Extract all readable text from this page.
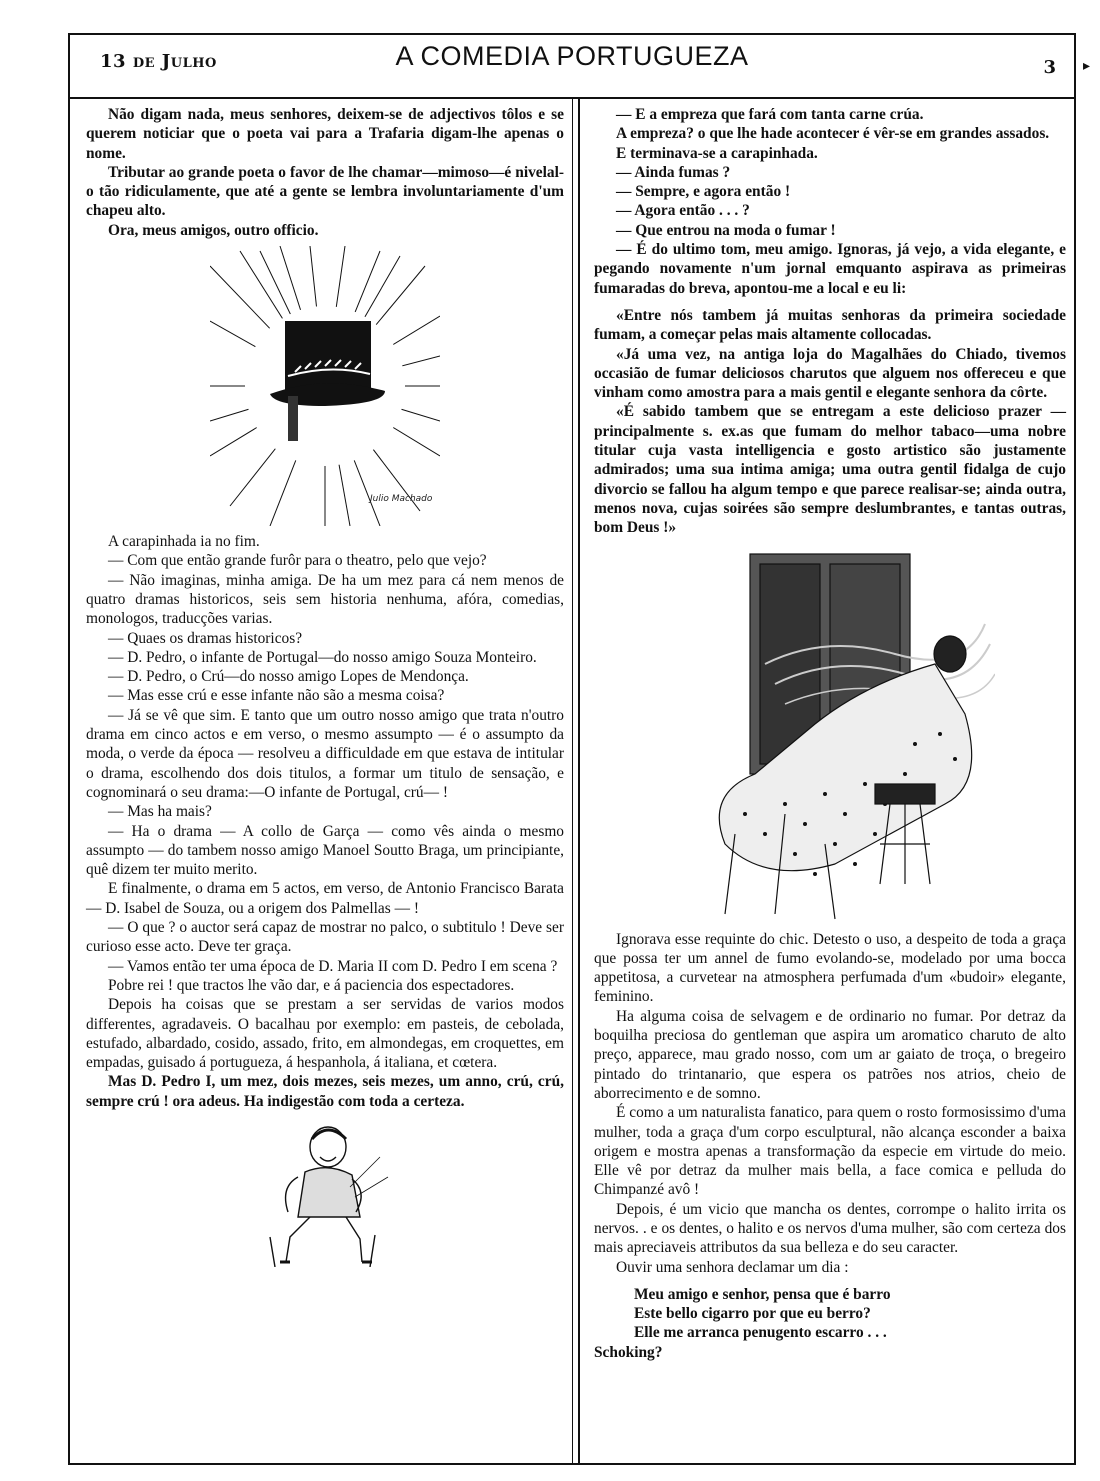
13 de Julho	A COMEDIA PORTUGUEZA	3

Não digam nada, meus senhores, deixem-se de adjectivos tôlos e se querem noticiar que o poeta vai para a Trafaria digam-lhe apenas o nome.

Tributar ao grande poeta o favor de lhe chamar—mimoso—é nivelal-o tão ridiculamente, que até a gente se lembra involuntariamente d'um chapeu alto.

Ora, meus amigos, outro officio.

Julio Machado

A carapinhada ia no fim.

— Com que então grande furôr para o theatro, pelo que vejo?

— Não imaginas, minha amiga. De ha um mez para cá nem menos de quatro dramas historicos, seis sem historia nenhuma, afóra, comedias, monologos, traducções varias.

— Quaes os dramas historicos?

— D. Pedro, o infante de Portugal—do nosso amigo Souza Monteiro.

— D. Pedro, o Crú—do nosso amigo Lopes de Mendonça.

— Mas esse crú e esse infante não são a mesma coisa?

— Já se vê que sim. E tanto que um outro nosso amigo que trata n'outro drama em cinco actos e em verso, o mesmo assumpto — é o assumpto da moda, o verde da época — resolveu a difficuldade em que estava de intitular o drama, escolhendo dos dois titulos, a formar um titulo de sensação, e cognominará o seu drama:—O infante de Portugal, crú— !

— Mas ha mais?

— Ha o drama — A collo de Garça — como vês ainda o mesmo assumpto — do tambem nosso amigo Manoel Soutto Braga, um principiante, quê dizem ter muito merito.

E finalmente, o drama em 5 actos, em verso, de Antonio Francisco Barata — D. Isabel de Souza, ou a origem dos Palmellas — !

— O que ? o auctor será capaz de mostrar no palco, o subtitulo ! Deve ser curioso esse acto. Deve ter graça.

— Vamos então ter uma época de D. Maria II com D. Pedro I em scena ?

Pobre rei ! que tractos lhe vão dar, e á paciencia dos espectadores.

Depois ha coisas que se prestam a ser servidas de varios modos differentes, agradaveis. O bacalhau por exemplo: em pasteis, de cebolada, estufado, albardado, cosido, assado, frito, em almondegas, em croquettes, em empadas, guisado á portugueza, á hespanhola, á italiana, et cœtera.

Mas D. Pedro I, um mez, dois mezes, seis mezes, um anno, crú, crú, sempre crú ! ora adeus. Ha indigestão com toda a certeza.

— E a empreza que fará com tanta carne crúa.

A empreza? o que lhe hade acontecer é vêr-se em grandes assados.

E terminava-se a carapinhada.

— Ainda fumas ?

— Sempre, e agora então !

— Agora então . . . ?

— Que entrou na moda o fumar !

— É do ultimo tom, meu amigo. Ignoras, já vejo, a vida elegante, e pegando novamente n'um jornal emquanto aspirava as primeiras fumaradas do breva, apontou-me a local e eu li:

«Entre nós tambem já muitas senhoras da primeira sociedade fumam, a começar pelas mais altamente collocadas.

«Já uma vez, na antiga loja do Magalhães do Chiado, tivemos occasião de fumar deliciosos charutos que alguem nos offereceu e que vinham como amostra para a mais gentil e elegante senhora da côrte.

«É sabido tambem que se entregam a este delicioso prazer — principalmente s. ex.as que fumam do melhor tabaco—uma nobre titular cuja vasta intelligencia e gosto artistico são justamente admirados; uma sua intima amiga; uma outra gentil fidalga de cujo divorcio se fallou ha algum tempo e que parece realisar-se; ainda outra, menos nova, cujas soirées são sempre deslumbrantes, e tantas outras, bom Deus !»

Ignorava esse requinte do chic. Detesto o uso, a despeito de toda a graça que possa ter um annel de fumo evolando-se, modelado por uma bocca appetitosa, a curvetear na atmosphera perfumada d'um «budoir» elegante, feminino.

Ha alguma coisa de selvagem e de ordinario no fumar. Por detraz da boquilha preciosa do gentleman que aspira um aromatico charuto de alto preço, apparece, mau grado nosso, com um ar gaiato de troça, o bregeiro pintado do trintanario, que espera os patrões nos atrios, cheio de aborrecimento e de somno.

É como a um naturalista fanatico, para quem o rosto formosissimo d'uma mulher, toda a graça d'um corpo esculptural, não alcança esconder a baixa origem e mostra apenas a transformação da especie em virtude do meio. Elle vê por detraz da mulher mais bella, a face comica e pelluda do Chimpanzé avô !

Depois, é um vicio que mancha os dentes, corrompe o halito irrita os nervos. . e os dentes, o halito e os nervos d'uma mulher, são com certeza dos mais apreciaveis attributos da sua belleza e do seu caracter.

Ouvir uma senhora declamar um dia :

Meu amigo e senhor, pensa que é barro
Este bello cigarro por que eu berro?
Elle me arranca penugento escarro . . .
Schoking?
▸
